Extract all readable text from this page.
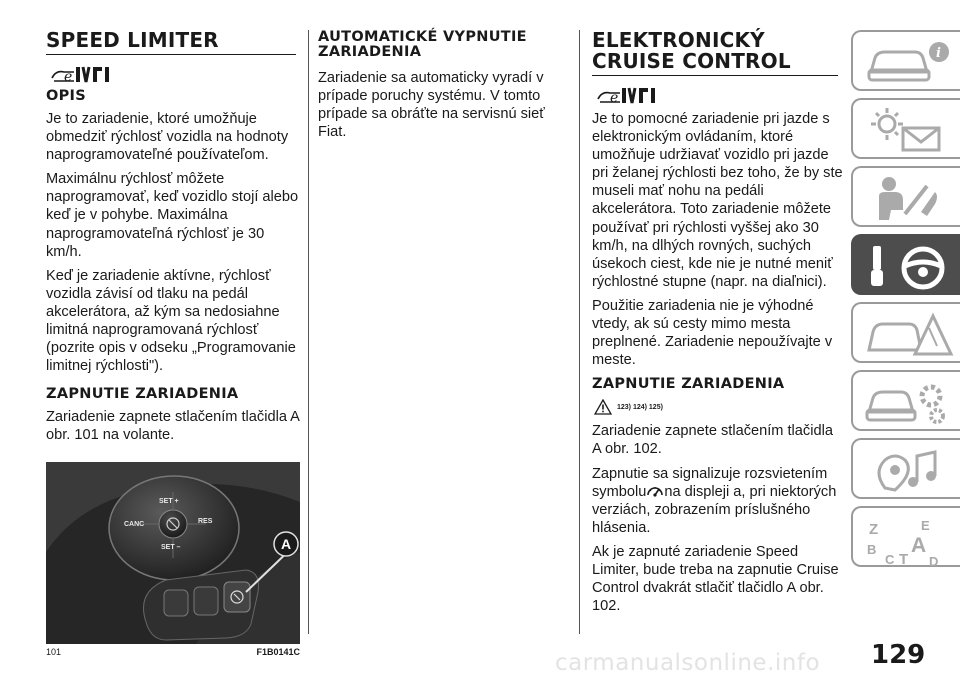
SPEED LIMITER
e
OPIS

Je to zariadenie, ktoré umožňuje obmedziť rýchlosť vozidla na hodnoty naprogramovateľné používateľom.

Maximálnu rýchlosť môžete naprogramovať, keď vozidlo stojí alebo keď je v pohybe. Maximálna naprogramovateľná rýchlosť je 30 km/h.

Keď je zariadenie aktívne, rýchlosť vozidla závisí od tlaku na pedál akcelerátora, až kým sa nedosiahne limitná naprogramovaná rýchlosť (pozrite opis v odseku „Programovanie limitnej rýchlosti").

ZAPNUTIE ZARIADENIA

Zariadenie zapnete stlačením tlačidla A obr. 101 na volante.

SET +
CANC	RES
SET –	A
101	F1B0141C
AUTOMATICKÉ VYPNUTIE ZARIADENIA

Zariadenie sa automaticky vyradí v prípade poruchy systému. V tomto prípade sa obráťte na servisnú sieť Fiat.

ELEKTRONICKÝ CRUISE CONTROL
e

Je to pomocné zariadenie pri jazde s elektronickým ovládaním, ktoré umožňuje udržiavať vozidlo pri jazde pri želanej rýchlosti bez toho, že by ste museli mať nohu na pedáli akcelerátora. Toto zariadenie môžete používať pri rýchlosti vyššej ako 30 km/h, na dlhých rovných, suchých úsekoch ciest, kde nie je nutné meniť rýchlostné stupne (napr. na diaľnici).

Použitie zariadenia nie je výhodné vtedy, ak sú cesty mimo mesta preplnené. Zariadenie nepoužívajte v meste.

ZAPNUTIE ZARIADENIA
123) 124) 125)

Zariadenie zapnete stlačením tlačidla A obr. 102.

Zapnutie sa signalizuje rozsvietením symbolu na displeji a, pri niektorých verziách, zobrazením príslušného hlásenia.

Ak je zapnuté zariadenie Speed Limiter, bude treba na zapnutie Cruise Control dvakrát stlačiť tlačidlo A obr. 102.

i
Z	E
B A
C T D
129
carmanualsonline.info
